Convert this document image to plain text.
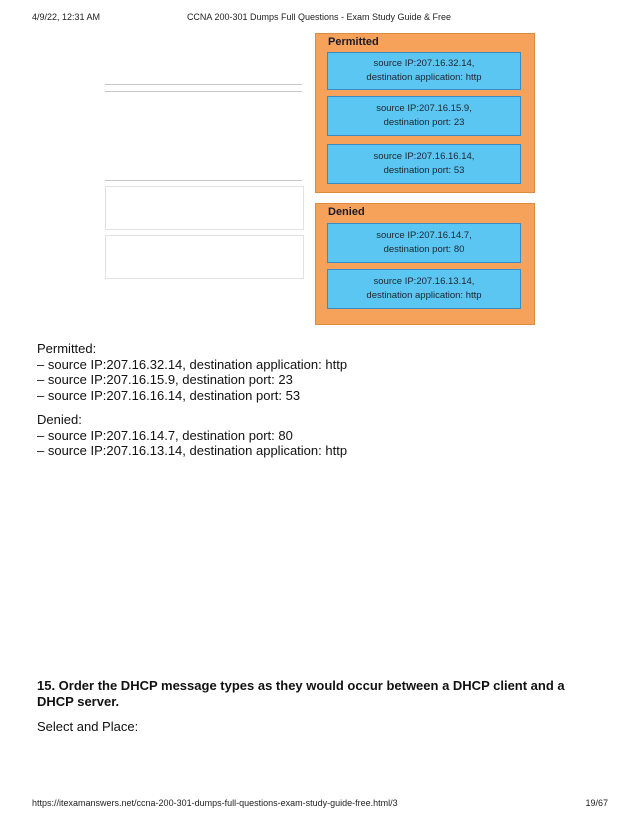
4/9/22, 12:31 AM	CCNA 200-301 Dumps Full Questions - Exam Study Guide & Free
Permitted
source IP:207.16.32.14,
destination application: http
source IP:207.16.15.9,
destination port: 23
source IP:207.16.16.14,
destination port: 53
Denied
source IP:207.16.14.7,
destination port: 80
source IP:207.16.13.14,
destination application: http
Permitted:
– source IP:207.16.32.14, destination application: http
– source IP:207.16.15.9, destination port: 23
– source IP:207.16.16.14, destination port: 53
Denied:
– source IP:207.16.14.7, destination port: 80
– source IP:207.16.13.14, destination application: http
15. Order the DHCP message types as they would occur between a DHCP client and a DHCP server.
Select and Place:
https://itexamanswers.net/ccna-200-301-dumps-full-questions-exam-study-guide-free.html/3	19/67
